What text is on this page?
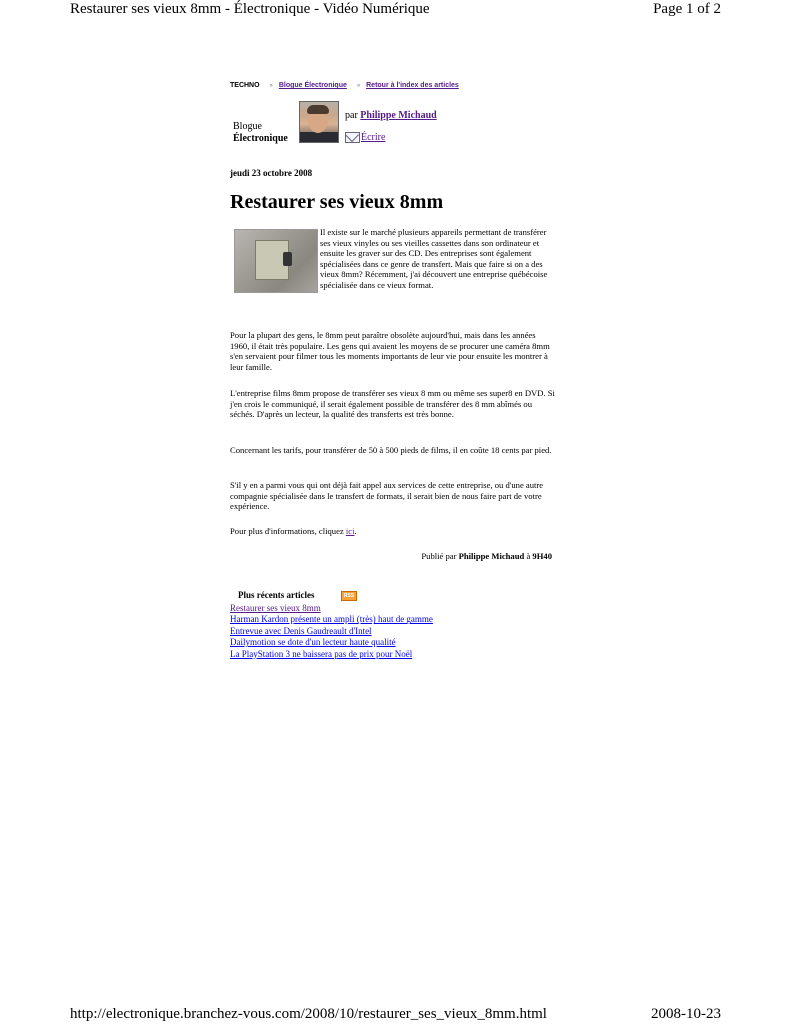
Restaurer ses vieux 8mm - Électronique - Vidéo Numérique	Page 1 of 2
TECHNO » Blogue Électronique » Retour à l'index des articles
Blogue
Électronique
par Philippe Michaud
Écrire
jeudi 23 octobre 2008
Restaurer ses vieux 8mm
Il existe sur le marché plusieurs appareils permettant de transférer ses vieux vinyles ou ses vieilles cassettes dans son ordinateur et ensuite les graver sur des CD. Des entreprises sont également spécialisées dans ce genre de transfert. Mais que faire si on a des vieux 8mm? Récemment, j'ai découvert une entreprise québécoise spécialisée dans ce vieux format.
Pour la plupart des gens, le 8mm peut paraître obsolète aujourd'hui, mais dans les années 1960, il était très populaire. Les gens qui avaient les moyens de se procurer une caméra 8mm s'en servaient pour filmer tous les moments importants de leur vie pour ensuite les montrer à leur famille.
L'entreprise films 8mm propose de transférer ses vieux 8 mm ou même ses super8 en DVD. Si j'en crois le communiqué, il serait également possible de transférer des 8 mm abîmés ou séchés. D'après un lecteur, la qualité des transferts est très bonne.
Concernant les tarifs, pour transférer de 50 à 500 pieds de films, il en coûte 18 cents par pied.
S'il y en a parmi vous qui ont déjà fait appel aux services de cette entreprise, ou d'une autre compagnie spécialisée dans le transfert de formats, il serait bien de nous faire part de votre expérience.
Pour plus d'informations, cliquez ici.
Publié par Philippe Michaud à 9H40
Plus récents articles	RSS
Restaurer ses vieux 8mm
Harman Kardon présente un ampli (très) haut de gamme
Entrevue avec Denis Gaudreault d'Intel
Dailymotion se dote d'un lecteur haute qualité
La PlayStation 3 ne baissera pas de prix pour Noël
http://electronique.branchez-vous.com/2008/10/restaurer_ses_vieux_8mm.html	2008-10-23
